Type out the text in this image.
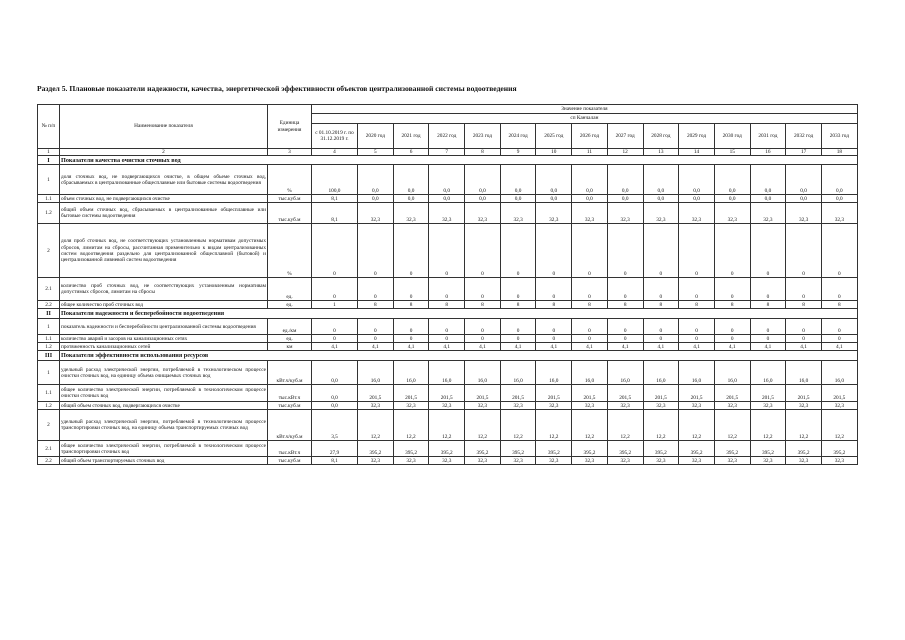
Раздел 5. Плановые показатели надежности, качества, энергетической эффективности объектов централизованной системы водоотведения
№ п/п	Наименование показателя	Единица измерения	Значение показателя														
			сп Канчалан														
			с 01.10.2019 г. по 31.12.2019 г.	2020 год	2021 год	2022 год	2023 год	2024 год	2025 год	2026 год	2027 год	2028 год	2029 год	2030 год	2031 год	2032 год	2033 год
1	2	3	4	5	6	7	8	9	10	11	12	13	14	15	16	17	18
I	Показатели качества очистки сточных вод																
1	доля сточных вод, не подвергающихся очистке, в общем объеме сточных вод, сбрасываемых в централизованные общесплавные или бытовые системы водоотведения	%	100,0	0,0	0,0	0,0	0,0	0,0	0,0	0,0	0,0	0,0	0,0	0,0	0,0	0,0	0,0
1.1	объем сточных вод, не подвергающихся очистке	тыс.куб.м	8,1	0,0	0,0	0,0	0,0	0,0	0,0	0,0	0,0	0,0	0,0	0,0	0,0	0,0	0,0
1.2	общий объем сточных вод, сбрасываемых в централизованные общесплавные или бытовые системы водоотведения	тыс.куб.м	8,1	32,3	32,3	32,3	32,3	32,3	32,3	32,3	32,3	32,3	32,3	32,3	32,3	32,3	32,3
2	доля проб сточных вод, не соответствующих установленным нормативам допустимых сбросов, лимитам на сбросы, рассчитанная применительно к видам централизованных систем водоотведения раздельно для централизованной общесплавной (бытовой) и централизованной ливневой систем водоотведения	%	0	0	0	0	0	0	0	0	0	0	0	0	0	0	0
2.1	количество проб сточных вод, не соответствующих установленным нормативам допустимых сбросов, лимитам на сбросы	ед.	0	0	0	0	0	0	0	0	0	0	0	0	0	0	0
2.2	общее количество проб сточных вод	ед.	1	8	8	8	8	8	8	8	8	8	8	8	8	8	8
II	Показатели надежности и бесперебойности водоотведения																
1	показатель надежности и бесперебойности централизованной системы водоотведения	ед./км	0	0	0	0	0	0	0	0	0	0	0	0	0	0	0
1.1	количество аварий и засоров на канализационных сетях	ед.	0	0	0	0	0	0	0	0	0	0	0	0	0	0	0
1.2	протяженность канализационных сетей	км	4,1	4,1	4,1	4,1	4,1	4,1	4,1	4,1	4,1	4,1	4,1	4,1	4,1	4,1	4,1
III	Показатели эффективности использования ресурсов																
1	удельный расход электрической энергии, потребляемой в технологическом процессе очистки сточных вод, на единицу объема очищаемых сточных вод	кВт.ч/куб.м	0,0	16,0	16,0	16,0	16,0	16,0	16,0	16,0	16,0	16,0	16,0	16,0	16,0	16,0	16,0
1.1	общее количество электрической энергии, потребляемой в технологическом процессе очистки сточных вод	тыс.кВт.ч	0,0	201,5	201,5	201,5	201,5	201,5	201,5	201,5	201,5	201,5	201,5	201,5	201,5	201,5	201,5
1.2	общий объем сточных вод, подвергающихся очистке	тыс.куб.м	0,0	32,3	32,3	32,3	32,3	32,3	32,3	32,3	32,3	32,3	32,3	32,3	32,3	32,3	32,3
2	удельный расход электрической энергии, потребляемой в технологическом процессе транспортировки сточных вод, на единицу объема транспортируемых сточных вод	кВт.ч/куб.м	3,5	12,2	12,2	12,2	12,2	12,2	12,2	12,2	12,2	12,2	12,2	12,2	12,2	12,2	12,2
2.1	общее количество электрической энергии, потребляемой в технологическом процессе транспортировки сточных вод	тыс.кВт.ч	27,9	395,2	395,2	395,2	395,2	395,2	395,2	395,2	395,2	395,2	395,2	395,2	395,2	395,2	395,2
2.2	общий объем транспортируемых сточных вод	тыс.куб.м	8,1	32,3	32,3	32,3	32,3	32,3	32,3	32,3	32,3	32,3	32,3	32,3	32,3	32,3	32,3
